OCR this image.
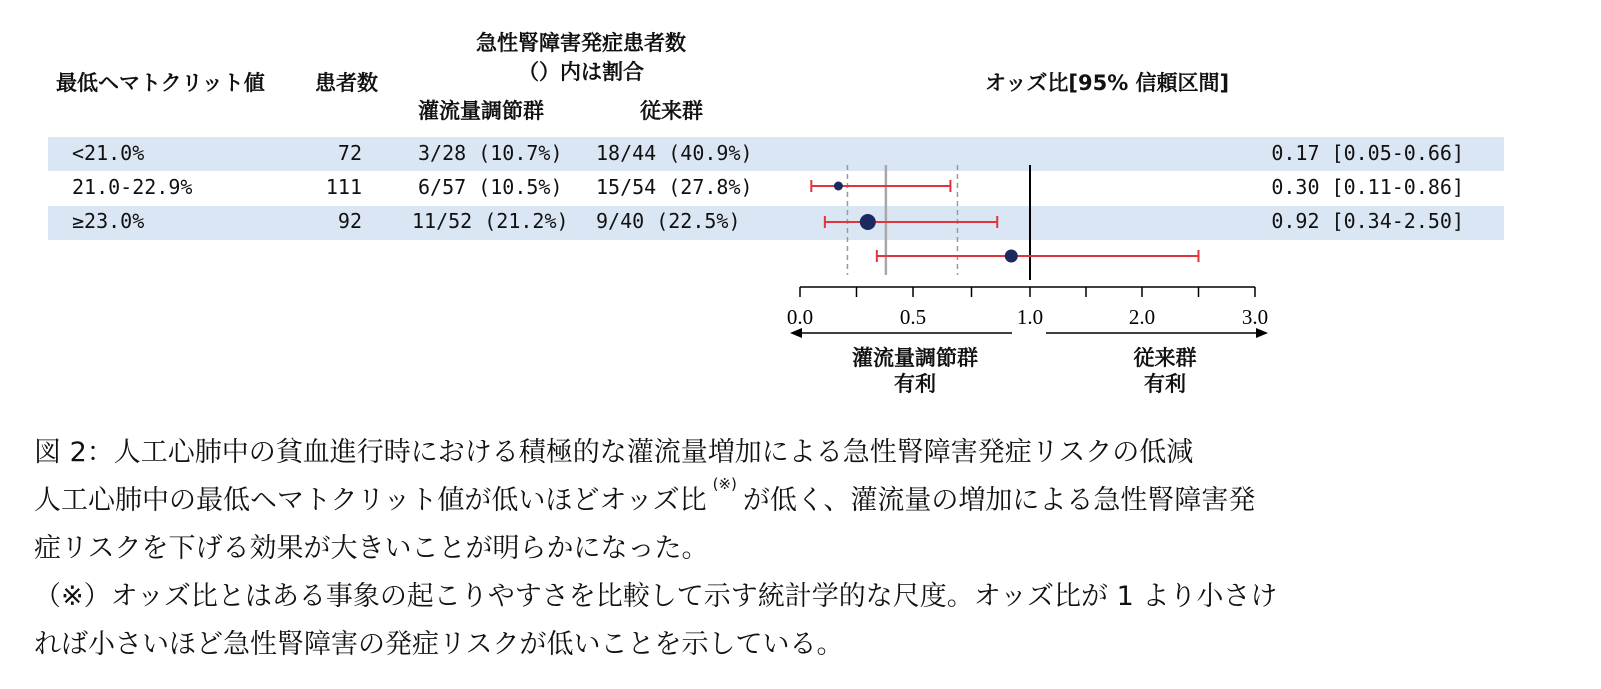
最低ヘマトクリット値 患者数
急性腎障害発症患者数
（）内は割合
灌流量調節群	従来群
オッズ比[95% 信頼区間]
<21.0%	72	3/28 (10.7%) 18/44 (40.9%)	0.17 [0.05-0.66]
21.0-22.9%	111	6/57 (10.5%) 15/54 (27.8%)	0.30 [0.11-0.86]
≥23.0%	92	11/52 (21.2%) 9/40 (22.5%)	0.92 [0.34-2.50]
0.0	0.5	1.0	2.0	3.0
灌流量調節群
有利
従来群
有利
図 2：人工心肺中の貧血進行時における積極的な灌流量増加による急性腎障害発症リスクの低減
人工心肺中の最低ヘマトクリット値が低いほどオッズ比(※)が低く、灌流量の増加による急性腎障害発
症リスクを下げる効果が大きいことが明らかになった。
（※）オッズ比とはある事象の起こりやすさを比較して示す統計学的な尺度。オッズ比が 1 より小さけ
れば小さいほど急性腎障害の発症リスクが低いことを示している。
